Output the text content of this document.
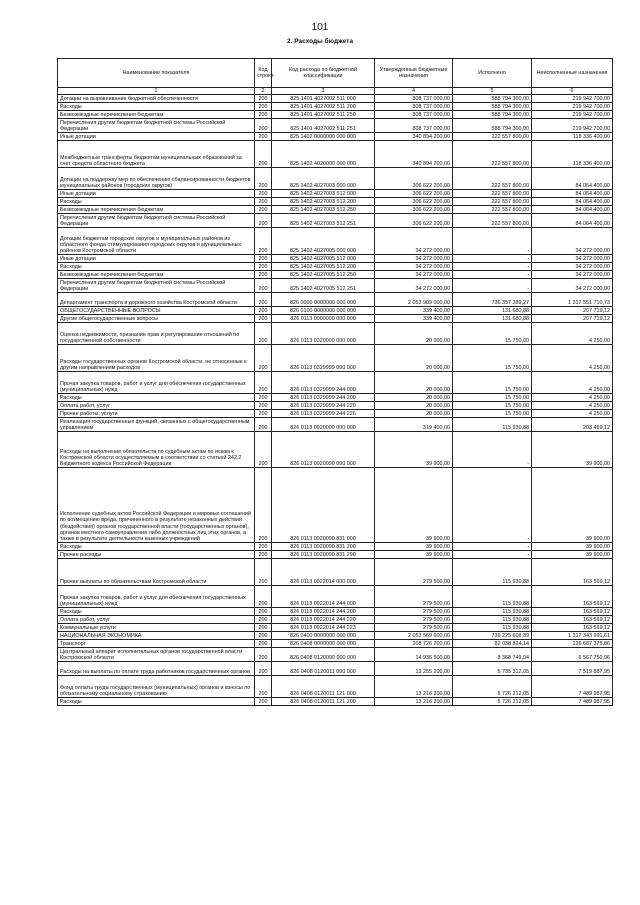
101
2. Расходы бюджета
Наименование показателя	Код строки	Код расхода по бюджетной классификации	Утвержденные бюджетные назначения	Исполнено	Неисполненные назначения
1	2	3	4	5	6
Дотации на выравнивание бюджетной обеспеченности	200	825 1401 4027002 511 000	808 737 000,00	588 794 300,00	219 942 700,00
Расходы	200	825 1401 4027002 511 200	808 737 000,00	588 794 300,00	219 942 700,00
Безвозмездные перечисления бюджетам	200	825 1401 4027002 511 250	808 737 000,00	588 794 300,00	219 942 700,00
Перечисления другим бюджетам бюджетной системы Российской Федерации	200	825 1401 4027002 511 251	808 737 000,00	588 794 300,00	219 942 700,00
Иные дотации	200	825 1402 0000000 000 000	340 894 200,00	222 557 800,00	118 336 400,00
Межбюджетные трансферты бюджетам муниципальных образований за счет средств областного бюджета	200	825 1402 4020000 000 000	340 894 200,00	222 557 800,00	118 336 400,00
Дотации на поддержку мер по обеспечению сбалансированности бюджетов муниципальных районов (городских округов)	200	825 1402 4027003 000 000	306 622 200,00	222 557 800,00	84 064 400,00
Иные дотации	200	825 1402 4027003 512 000	306 622 200,00	222 557 800,00	84 064 400,00
Расходы	200	825 1402 4027003 512 200	306 622 200,00	222 557 800,00	84 064 400,00
Безвозмездные перечисления бюджетам	200	825 1402 4027003 512 250	306 622 200,00	222 557 800,00	84 064 400,00
Перечисления другим бюджетам бюджетной системы Российской Федерации	200	825 1402 4027003 512 251	306 622 200,00	222 557 800,00	84 064 400,00
Дотации бюджетам городских округов и муниципальных районов из областного фонда стимулирования городских округов и муниципальных районов Костромской области	200	825 1402 4027005 000 000	34 272 000,00	-	34 272 000,00
Иные дотации	200	825 1402 4027005 512 000	34 272 000,00	-	34 272 000,00
Расходы	200	825 1402 4027005 512 200	34 272 000,00	-	34 272 000,00
Безвозмездные перечисления бюджетам	200	825 1402 4027005 512 250	34 272 000,00	-	34 272 000,00
Перечисления другим бюджетам бюджетной системы Российской Федерации	200	825 1402 4027005 512 251	34 272 000,00	-	34 272 000,00
Департамент транспорта и дорожного хозяйства Костромской области	200	826 0000 0000000 000 000	2 053 909 000,00	736 357 289,27	1 317 551 710,73
ОБЩЕГОСУДАРСТВЕННЫЕ ВОПРОСЫ	200	826 0100 0000000 000 000	339 400,00	131 680,88	207 719,12
Другие общегосударственные вопросы	200	826 0113 0000000 000 000	339 400,00	131 680,88	207 719,12
Оценка недвижимости, признание прав и регулирование отношений по государственной собственности	200	826 0113 0320000 000 000	20 000,00	15 750,00	4 250,00
Расходы государственных органов Костромской области, не отнесенные к другим направлениям расходов	200	826 0113 0329999 000 000	20 000,00	15 750,00	4 250,00
Прочая закупка товаров, работ и услуг для обеспечения государственных (муниципальных) нужд	200	826 0113 0329999 244 000	20 000,00	15 750,00	4 250,00
Расходы	200	826 0113 0329999 244 200	20 000,00	15 750,00	4 250,00
Оплата работ, услуг	200	826 0113 0329999 244 220	20 000,00	15 750,00	4 250,00
Прочие работы, услуги	200	826 0113 0329999 244 226	20 000,00	15 750,00	4 250,00
Реализация государственных функций, связанных с общегосударственным управлением	200	826 0113 0920000 000 000	319 400,00	115 930,88	203 469,12
Расходы на выполнение обязательств по судебным актам по искам к Костромской области осуществляемым в соответствии со статьей 242.2 Бюджетного кодекса Российской Федерации	200	826 0113 0920090 000 000	39 900,00	-	39 900,00
Исполнение судебных актов Российской Федерации и мировых соглашений по возмещению вреда, причиненного в результате незаконных действий (бездействия) органов государственной власти (государственных органов), органов местного самоуправления либо должностных лиц этих органов, а также в результате деятельности казенных учреждений	200	826 0113 0920090 831 000	39 900,00	-	39 900,00
Расходы	200	826 0113 0920090 831 200	39 900,00	-	39 900,00
Прочие расходы	200	826 0113 0920090 831 290	39 900,00	-	39 900,00
Прочие выплаты по обязательствам Костромской области	200	826 0113 0922014 000 000	279 500,00	115 930,88	163 569,12
Прочая закупка товаров, работ и услуг для обеспечения государственных (муниципальных) нужд	200	826 0113 0922014 244 000	279 500,00	115 930,88	163 569,12
Расходы	200	826 0113 0922014 244 200	279 500,00	115 930,88	163 569,12
Оплата работ, услуг	200	826 0113 0922014 244 220	279 500,00	115 930,88	163 569,12
Коммунальные услуги	200	826 0113 0922014 244 223	279 500,00	115 930,88	163 569,12
НАЦИОНАЛЬНАЯ ЭКОНОМИКА	200	826 0400 0000000 000 000	2 053 569 600,00	736 225 608,39	1 317 343 991,61
Транспорт	200	826 0408 0000000 000 000	208 726 200,00	82 038 824,14	126 687 375,86
Центральный аппарат исполнительных органов государственной власти Костромской области	200	826 0408 0120000 000 000	14 936 500,00	8 368 749,04	6 567 750,96
Расходы на выплаты по оплате труда работников государственных органов	200	826 0408 0120011 000 000	13 255 200,00	5 735 312,05	7 519 887,95
Фонд оплаты труда государственных (муниципальных) органов и взносы по обязательному социальному страхованию	200	826 0408 0120011 121 000	13 216 200,00	5 726 212,05	7 489 987,95
Расходы	200	826 0408 0120011 121 200	13 216 200,00	5 726 212,05	7 489 987,95
